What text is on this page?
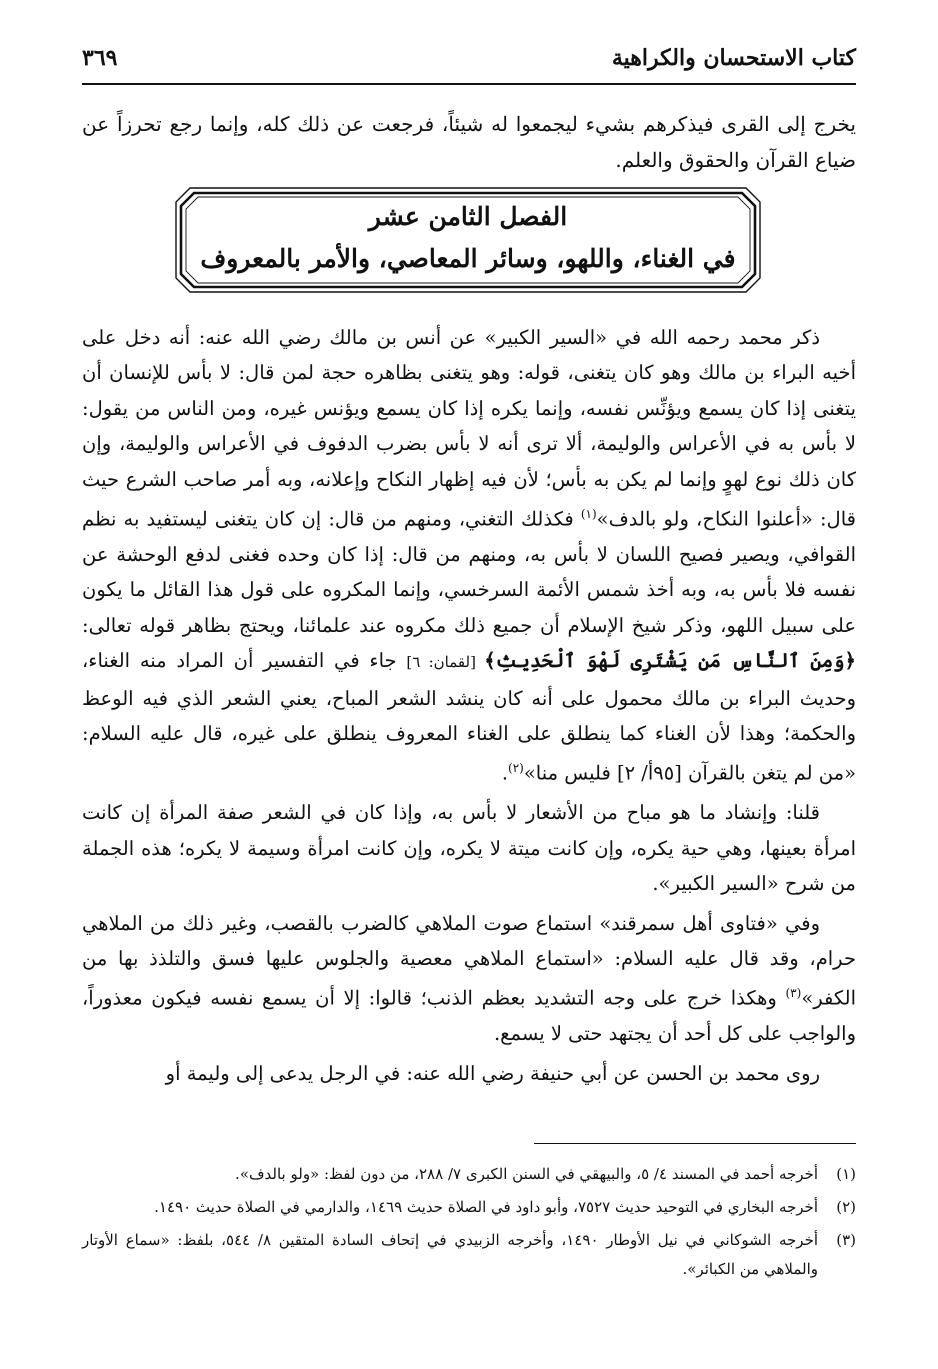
كتاب الاستحسان والكراهية
٣٦٩
يخرج إلى القرى فيذكرهم بشيء ليجمعوا له شيئاً، فرجعت عن ذلك كله، وإنما رجع تحرزاً عن ضياع القرآن والحقوق والعلم.
الفصل الثامن عشر
في الغناء، واللهو، وسائر المعاصي، والأمر بالمعروف

ذكر محمد رحمه الله في «السير الكبير» عن أنس بن مالك رضي الله عنه: أنه دخل على أخيه البراء بن مالك وهو كان يتغنى، قوله: وهو يتغنى بظاهره حجة لمن قال: لا بأس للإنسان أن يتغنى إذا كان يسمع ويؤنِّس نفسه، وإنما يكره إذا كان يسمع ويؤنس غيره، ومن الناس من يقول: لا بأس به في الأعراس والوليمة، ألا ترى أنه لا بأس بضرب الدفوف في الأعراس والوليمة، وإن كان ذلك نوع لهوٍ وإنما لم يكن به بأس؛ لأن فيه إظهار النكاح وإعلانه، وبه أمر صاحب الشرع حيث قال: «أعلنوا النكاح، ولو بالدف»$^{(١)}$ فكذلك التغني، ومنهم من قال: إن كان يتغنى ليستفيد به نظم القوافي، ويصير فصيح اللسان لا بأس به، ومنهم من قال: إذا كان وحده فغنى لدفع الوحشة عن نفسه فلا بأس به، وبه أخذ شمس الأئمة السرخسي، وإنما المكروه على قول هذا القائل ما يكون على سبيل اللهو، وذكر شيخ الإسلام أن جميع ذلك مكروه عند علمائنا، ويحتج بظاهر قوله تعالى: ﴿وَمِنَ ٱلنَّاسِ مَن يَشْتَرِى لَهْوَ ٱلْحَدِيثِ﴾ [لقمان: ٦] جاء في التفسير أن المراد منه الغناء، وحديث البراء بن مالك محمول على أنه كان ينشد الشعر المباح، يعني الشعر الذي فيه الوعظ والحكمة؛ وهذا لأن الغناء كما ينطلق على الغناء المعروف ينطلق على غيره، قال عليه السلام: «من لم يتغن بالقرآن [٩٥أ/ ٢] فليس منا»$^{(٢)}$.

قلنا: وإنشاد ما هو مباح من الأشعار لا بأس به، وإذا كان في الشعر صفة المرأة إن كانت امرأة بعينها، وهي حية يكره، وإن كانت ميتة لا يكره، وإن كانت امرأة وسيمة لا يكره؛ هذه الجملة من شرح «السير الكبير».

وفي «فتاوى أهل سمرقند» استماع صوت الملاهي كالضرب بالقصب، وغير ذلك من الملاهي حرام، وقد قال عليه السلام: «استماع الملاهي معصية والجلوس عليها فسق والتلذذ بها من الكفر»$^{(٣)}$ وهكذا خرج على وجه التشديد بعظم الذنب؛ قالوا: إلا أن يسمع نفسه فيكون معذوراً، والواجب على كل أحد أن يجتهد حتى لا يسمع.

روى محمد بن الحسن عن أبي حنيفة رضي الله عنه: في الرجل يدعى إلى وليمة أو

(١)
أخرجه أحمد في المسند ٤/ ٥، والبيهقي في السنن الكبرى ٧/ ٢٨٨، من دون لفظ: «ولو بالدف».
(٢)
أخرجه البخاري في التوحيد حديث ٧٥٢٧، وأبو داود في الصلاة حديث ١٤٦٩، والدارمي في الصلاة حديث ١٤٩٠.
(٣)
أخرجه الشوكاني في نيل الأوطار ١٤٩٠، وأخرجه الزبيدي في إتحاف السادة المتقين ٨/ ٥٤٤، بلفظ: «سماع الأوتار والملاهي من الكبائر».
